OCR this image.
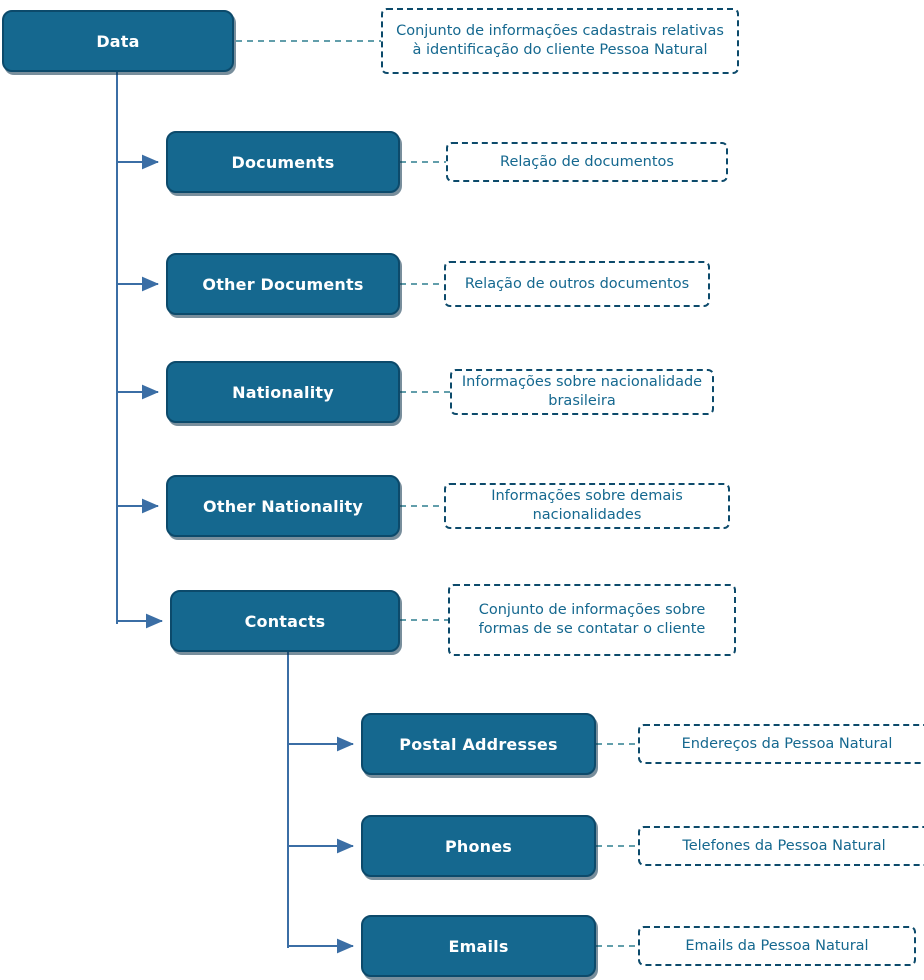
Data
Conjunto de informações cadastrais relativas à identificação do cliente Pessoa Natural
Documents	Relação de documentos
Other Documents	Relação de outros documentos
Nationality
Informações sobre nacionalidade brasileira
Other Nationality
Informações sobre demais nacionalidades
Contacts
Conjunto de informações sobre formas de se contatar o cliente
Postal Addresses	Endereços da Pessoa Natural
Phones	Telefones da Pessoa Natural
Emails	Emails da Pessoa Natural
